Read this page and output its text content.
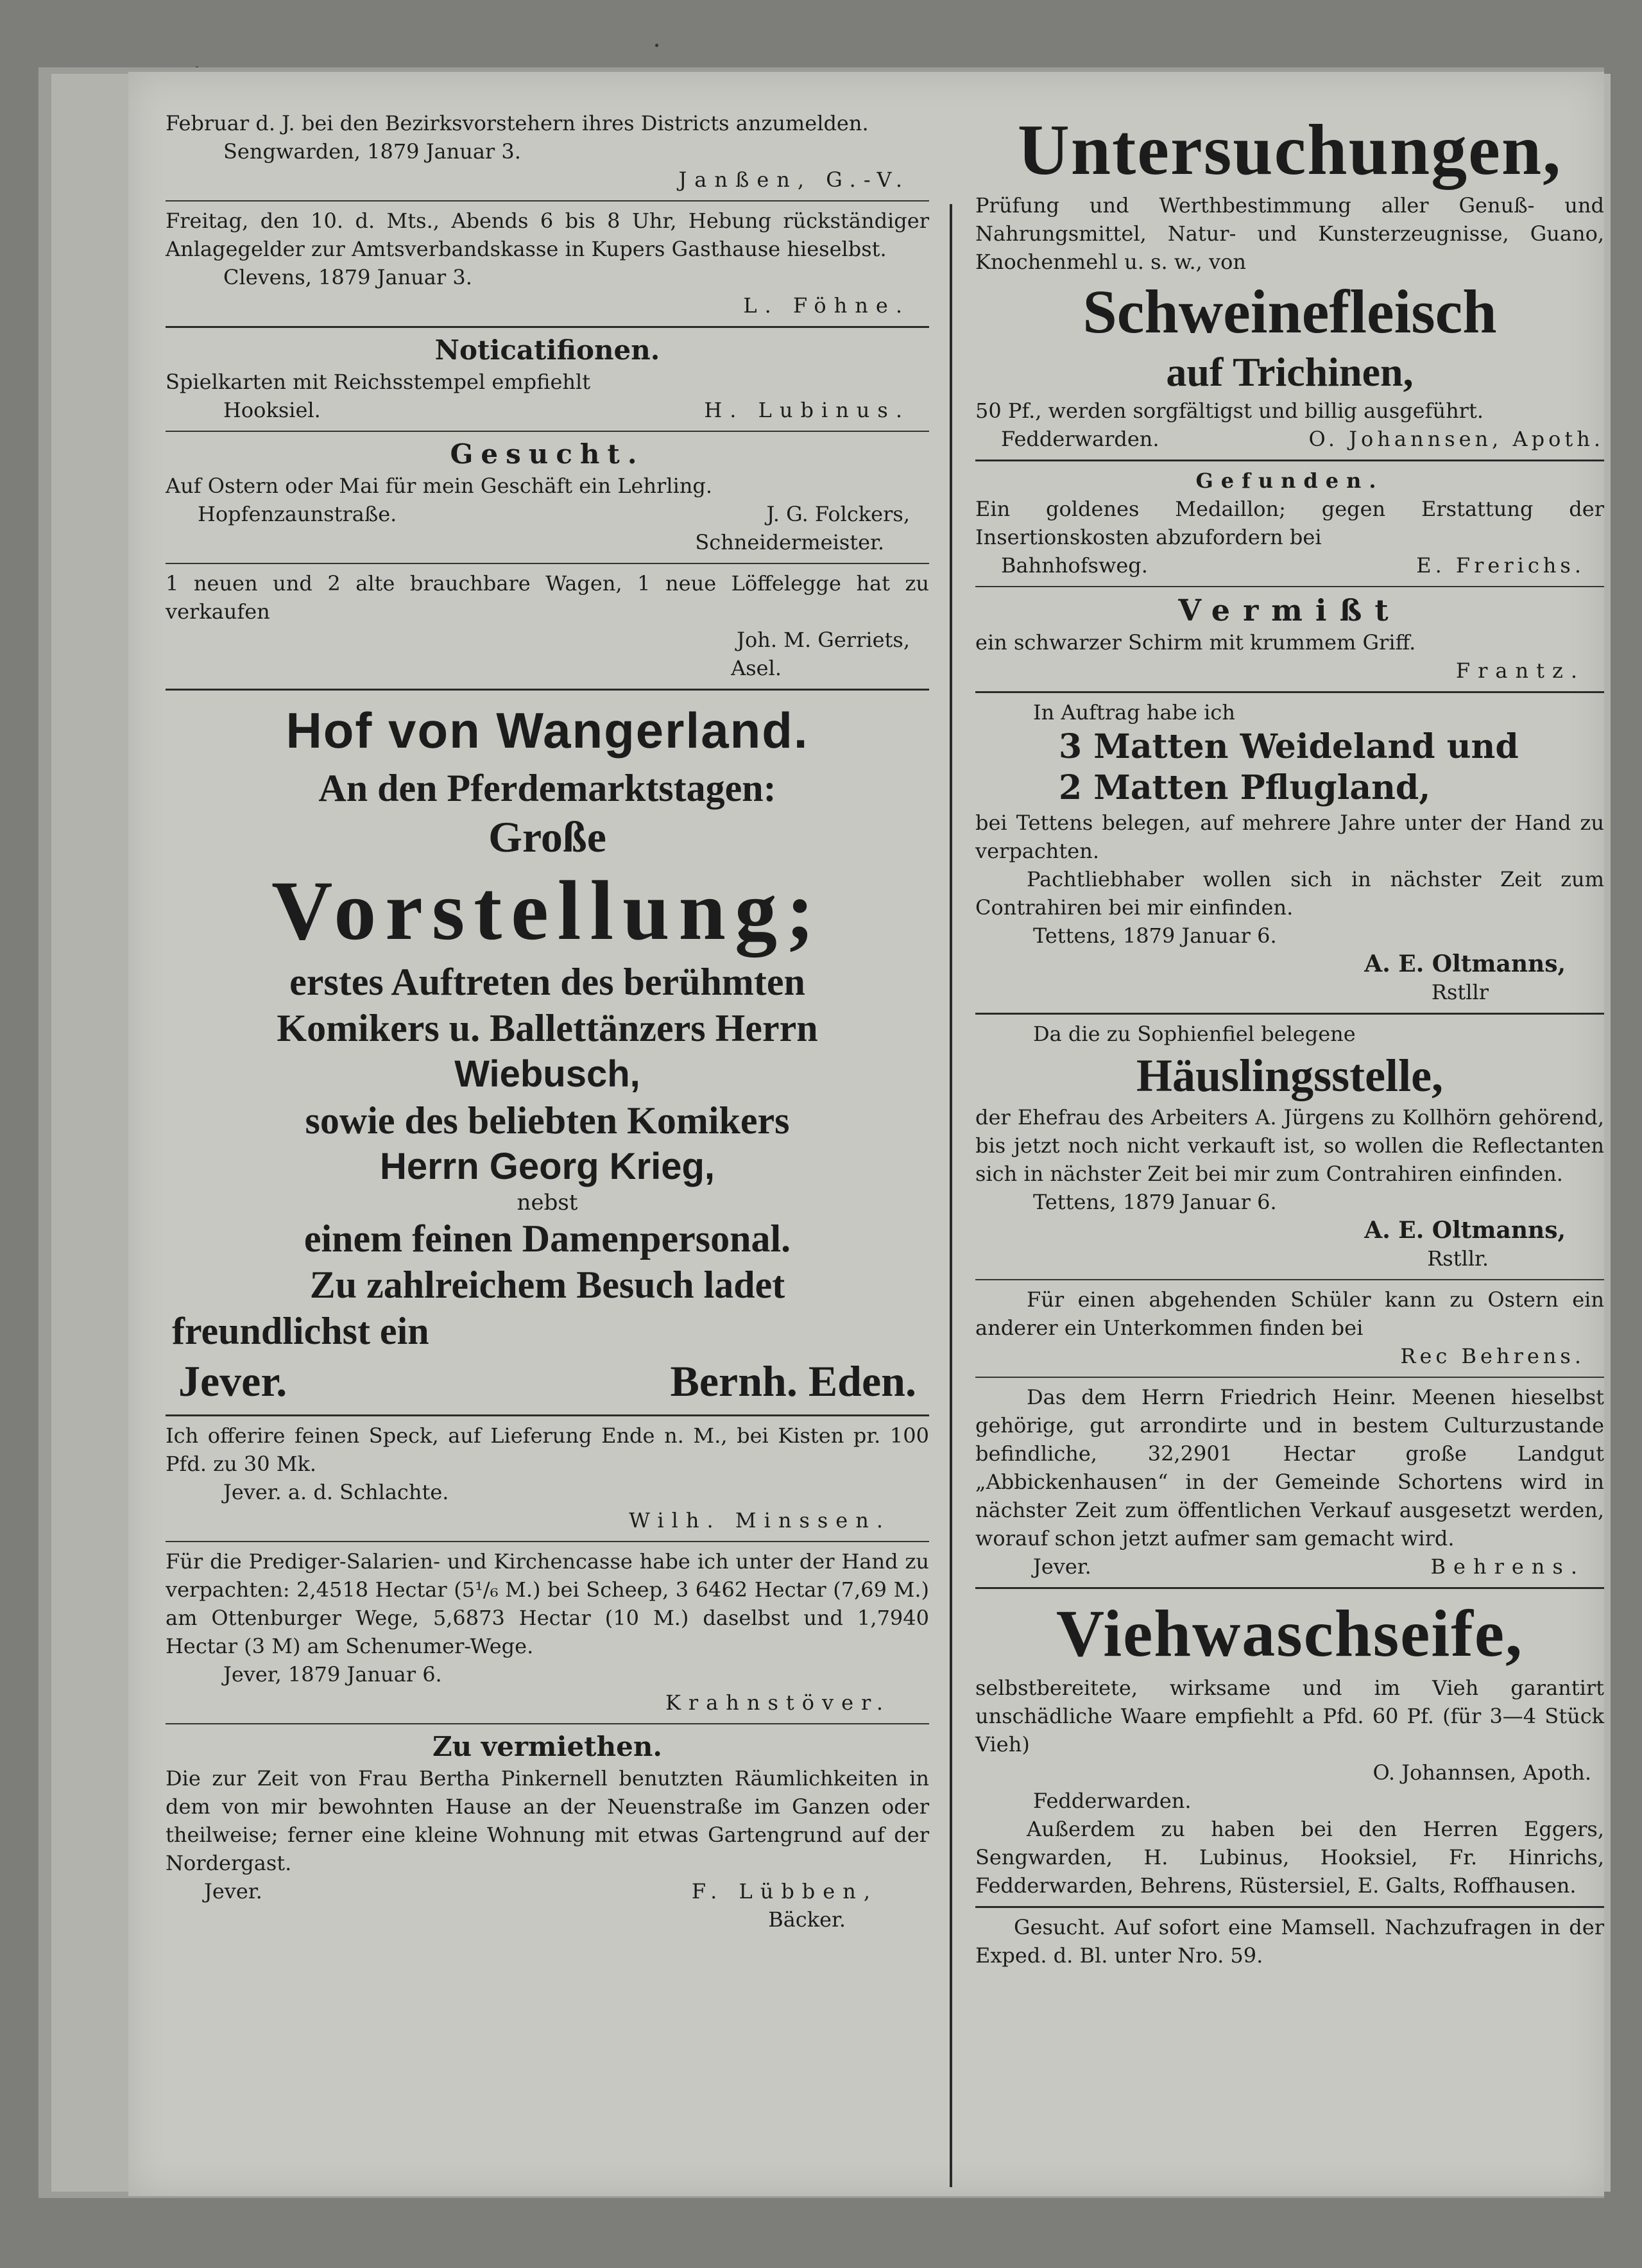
Februar d. J. bei den Bezirksvorstehern ihres Districts anzumelden.

Sengwarden, 1879 Januar 3.

Janßen, G.-V.

Freitag, den 10. d. Mts., Abends 6 bis 8 Uhr, Hebung rückständiger Anlagegelder zur Amtsverbandskasse in Kupers Gasthause hieselbst.

Clevens, 1879 Januar 3.

L. Föhne.

Noticatifionen.

Spielkarten mit Reichsstempel empfiehlt

Hooksiel.	H. Lubinus.

Gesucht.

Auf Ostern oder Mai für mein Geschäft ein Lehrling.

Hopfenzaunstraße.	J. G. Folckers,

Schneidermeister.

1 neuen und 2 alte brauchbare Wagen, 1 neue Löffelegge hat zu verkaufen

Joh. M. Gerriets,

Asel.

Hof von Wangerland.
An den Pferdemarktstagen:
Große
Vorstellung;
erstes Auftreten des berühmten
Komikers u. Ballettänzers Herrn
Wiebusch,
sowie des beliebten Komikers
Herrn Georg Krieg,
nebst
einem feinen Damenpersonal.
Zu zahlreichem Besuch ladet
freundlichst ein
Jever.	Bernh. Eden.

Ich offerire feinen Speck, auf Lieferung Ende n. M., bei Kisten pr. 100 Pfd. zu 30 Mk.

Jever. a. d. Schlachte.

Wilh. Minssen.

Für die Prediger-Salarien- und Kirchencasse habe ich unter der Hand zu verpachten: 2,4518 Hectar (5¹/₆ M.) bei Scheep, 3 6462 Hectar (7,69 M.) am Ottenburger Wege, 5,6873 Hectar (10 M.) daselbst und 1,7940 Hectar (3 M) am Schenumer-Wege.

Jever, 1879 Januar 6.

Krahnstöver.

Zu vermiethen.

Die zur Zeit von Frau Bertha Pinkernell benutzten Räumlichkeiten in dem von mir bewohnten Hause an der Neuenstraße im Ganzen oder theilweise; ferner eine kleine Wohnung mit etwas Gartengrund auf der Nordergast.

Jever.	F. Lübben,

Bäcker.

Untersuchungen,

Prüfung und Werthbestimmung aller Genuß- und Nahrungsmittel, Natur- und Kunsterzeugnisse, Guano, Knochenmehl u. s. w., von

Schweinefleisch
auf Trichinen,

50 Pf., werden sorgfältigst und billig ausgeführt.

Fedderwarden.	O. Johannsen, Apoth.

Gefunden.

Ein goldenes Medaillon; gegen Erstattung der Insertionskosten abzufordern bei

Bahnhofsweg.	E. Frerichs.

Vermißt

ein schwarzer Schirm mit krummem Griff.

Frantz.

In Auftrag habe ich

3 Matten Weideland und

2 Matten Pflugland,

bei Tettens belegen, auf mehrere Jahre unter der Hand zu verpachten.

Pachtliebhaber wollen sich in nächster Zeit zum Contrahiren bei mir einfinden.

Tettens, 1879 Januar 6.

A. E. Oltmanns,

Rstllr

Da die zu Sophienfiel belegene

Häuslingsstelle,

der Ehefrau des Arbeiters A. Jürgens zu Kollhörn gehörend, bis jetzt noch nicht verkauft ist, so wollen die Reflectanten sich in nächster Zeit bei mir zum Contrahiren einfinden.

Tettens, 1879 Januar 6.

A. E. Oltmanns,

Rstllr.

Für einen abgehenden Schüler kann zu Ostern ein anderer ein Unterkommen finden bei

Rec Behrens.

Das dem Herrn Friedrich Heinr. Meenen hieselbst gehörige, gut arrondirte und in bestem Culturzustande befindliche, 32,2901 Hectar große Landgut „Abbickenhausen“ in der Gemeinde Schortens wird in nächster Zeit zum öffentlichen Verkauf ausgesetzt werden, worauf schon jetzt aufmer sam gemacht wird.

Jever.	Behrens.
Viehwaschseife,

selbstbereitete, wirksame und im Vieh garantirt unschädliche Waare empfiehlt a Pfd. 60 Pf. (für 3—4 Stück Vieh)

O. Johannsen, Apoth.

Fedderwarden.

Außerdem zu haben bei den Herren Eggers, Sengwarden, H. Lubinus, Hooksiel, Fr. Hinrichs, Fedderwarden, Behrens, Rüstersiel, E. Galts, Roffhausen.

Gesucht. Auf sofort eine Mamsell. Nachzufragen in der Exped. d. Bl. unter Nro. 59.
